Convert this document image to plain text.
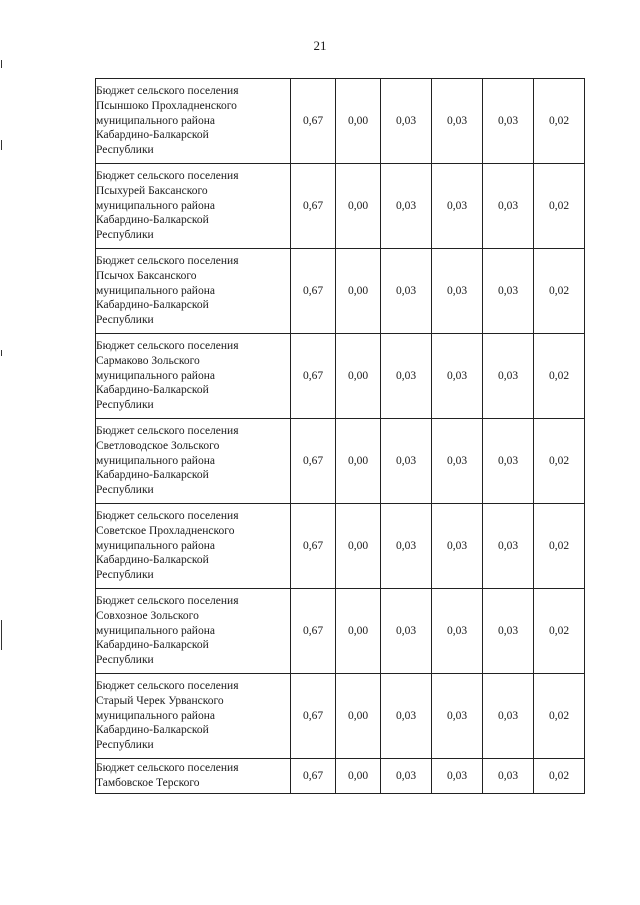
21
Бюджет сельского поселения
Псыншоко Прохладненского
муниципального района
Кабардино-Балкарской
Республики	0,67	0,00	0,03	0,03	0,03	0,02

Бюджет сельского поселения
Псыхурей Баксанского
муниципального района
Кабардино-Балкарской
Республики	0,67	0,00	0,03	0,03	0,03	0,02

Бюджет сельского поселения
Псычох Баксанского
муниципального района
Кабардино-Балкарской
Республики	0,67	0,00	0,03	0,03	0,03	0,02

Бюджет сельского поселения
Сармаково Зольского
муниципального района
Кабардино-Балкарской
Республики	0,67	0,00	0,03	0,03	0,03	0,02

Бюджет сельского поселения
Светловодское Зольского
муниципального района
Кабардино-Балкарской
Республики	0,67	0,00	0,03	0,03	0,03	0,02

Бюджет сельского поселения
Советское Прохладненского
муниципального района
Кабардино-Балкарской
Республики	0,67	0,00	0,03	0,03	0,03	0,02

Бюджет сельского поселения
Совхозное Зольского
муниципального района
Кабардино-Балкарской
Республики	0,67	0,00	0,03	0,03	0,03	0,02

Бюджет сельского поселения
Старый Черек Урванского
муниципального района
Кабардино-Балкарской
Республики	0,67	0,00	0,03	0,03	0,03	0,02

Бюджет сельского поселения
Тамбовское Терского	0,67	0,00	0,03	0,03	0,03	0,02
